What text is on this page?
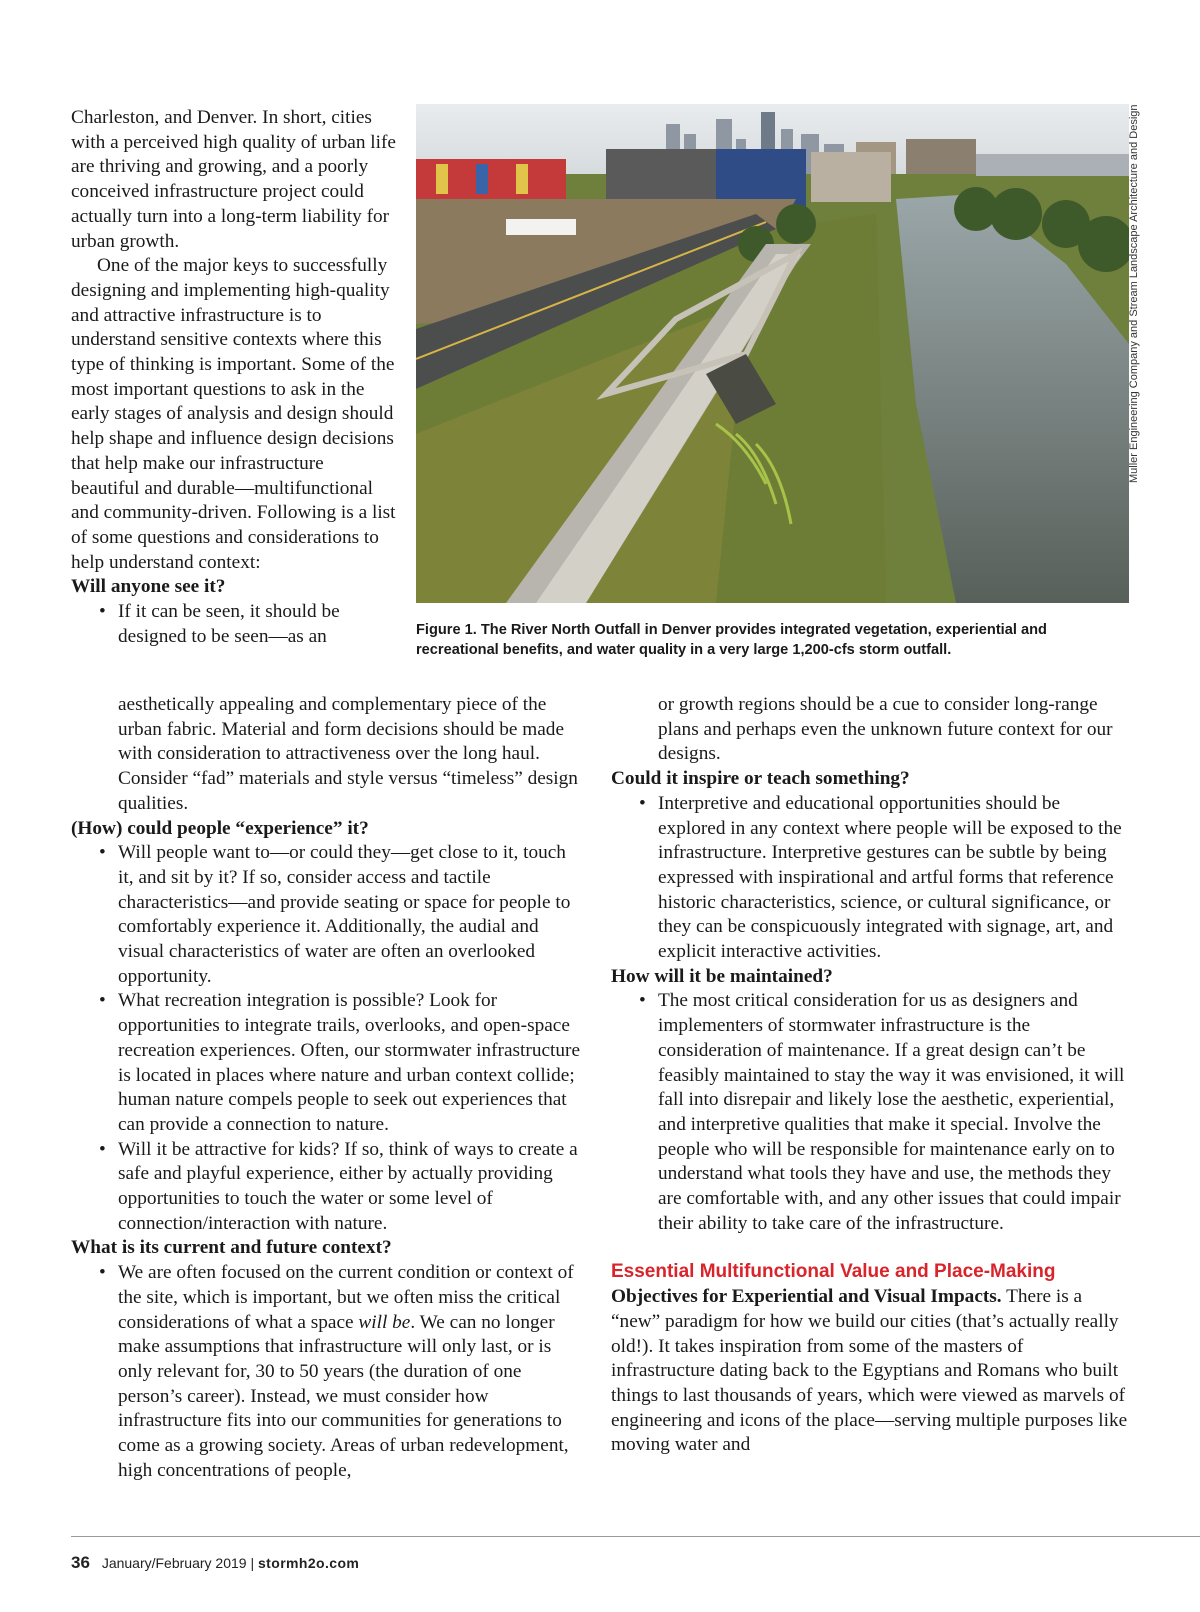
Charleston, and Denver. In short, cities with a perceived high quality of urban life are thriving and growing, and a poorly conceived infrastructure project could actually turn into a long-term liability for urban growth.

One of the major keys to successfully designing and implementing high-quality and attractive infrastructure is to understand sensitive contexts where this type of thinking is important. Some of the most important questions to ask in the early stages of analysis and design should help shape and influence design decisions that help make our infrastructure beautiful and durable—multifunctional and community-driven. Following is a list of some questions and considerations to help understand context:

Will anyone see it?

• If it can be seen, it should be designed to be seen—as an
Muller Engineering Company and Stream Landscape Architecture and Design
Figure 1. The River North Outfall in Denver provides integrated vegetation, experiential and recreational benefits, and water quality in a very large 1,200-cfs storm outfall.
aesthetically appealing and complementary piece of the urban fabric. Material and form decisions should be made with consideration to attractiveness over the long haul. Consider “fad” materials and style versus “timeless” design qualities.

(How) could people “experience” it?

• Will people want to—or could they—get close to it, touch it, and sit by it? If so, consider access and tactile characteristics—and provide seating or space for people to comfortably experience it. Additionally, the audial and visual characteristics of water are often an overlooked opportunity.
• What recreation integration is possible? Look for opportunities to integrate trails, overlooks, and open-space recreation experiences. Often, our stormwater infrastructure is located in places where nature and urban context collide; human nature compels people to seek out experiences that can provide a connection to nature.
• Will it be attractive for kids? If so, think of ways to create a safe and playful experience, either by actually providing opportunities to touch the water or some level of connection/interaction with nature.

What is its current and future context?

• We are often focused on the current condition or context of the site, which is important, but we often miss the critical considerations of what a space will be. We can no longer make assumptions that infrastructure will only last, or is only relevant for, 30 to 50 years (the duration of one person’s career). Instead, we must consider how infrastructure fits into our communities for generations to come as a growing society. Areas of urban redevelopment, high concentrations of people,
or growth regions should be a cue to consider long-range plans and perhaps even the unknown future context for our designs.

Could it inspire or teach something?

• Interpretive and educational opportunities should be explored in any context where people will be exposed to the infrastructure. Interpretive gestures can be subtle by being expressed with inspirational and artful forms that reference historic characteristics, science, or cultural significance, or they can be conspicuously integrated with signage, art, and explicit interactive activities.

How will it be maintained?

• The most critical consideration for us as designers and implementers of stormwater infrastructure is the consideration of maintenance. If a great design can’t be feasibly maintained to stay the way it was envisioned, it will fall into disrepair and likely lose the aesthetic, experiential, and interpretive qualities that make it special. Involve the people who will be responsible for maintenance early on to understand what tools they have and use, the methods they are comfortable with, and any other issues that could impair their ability to take care of the infrastructure.
Essential Multifunctional Value and Place-Making

Objectives for Experiential and Visual Impacts. There is a “new” paradigm for how we build our cities (that’s actually really old!). It takes inspiration from some of the masters of infrastructure dating back to the Egyptians and Romans who built things to last thousands of years, which were viewed as marvels of engineering and icons of the place—serving multiple purposes like moving water and

36 January/February 2019 | stormh2o.com
